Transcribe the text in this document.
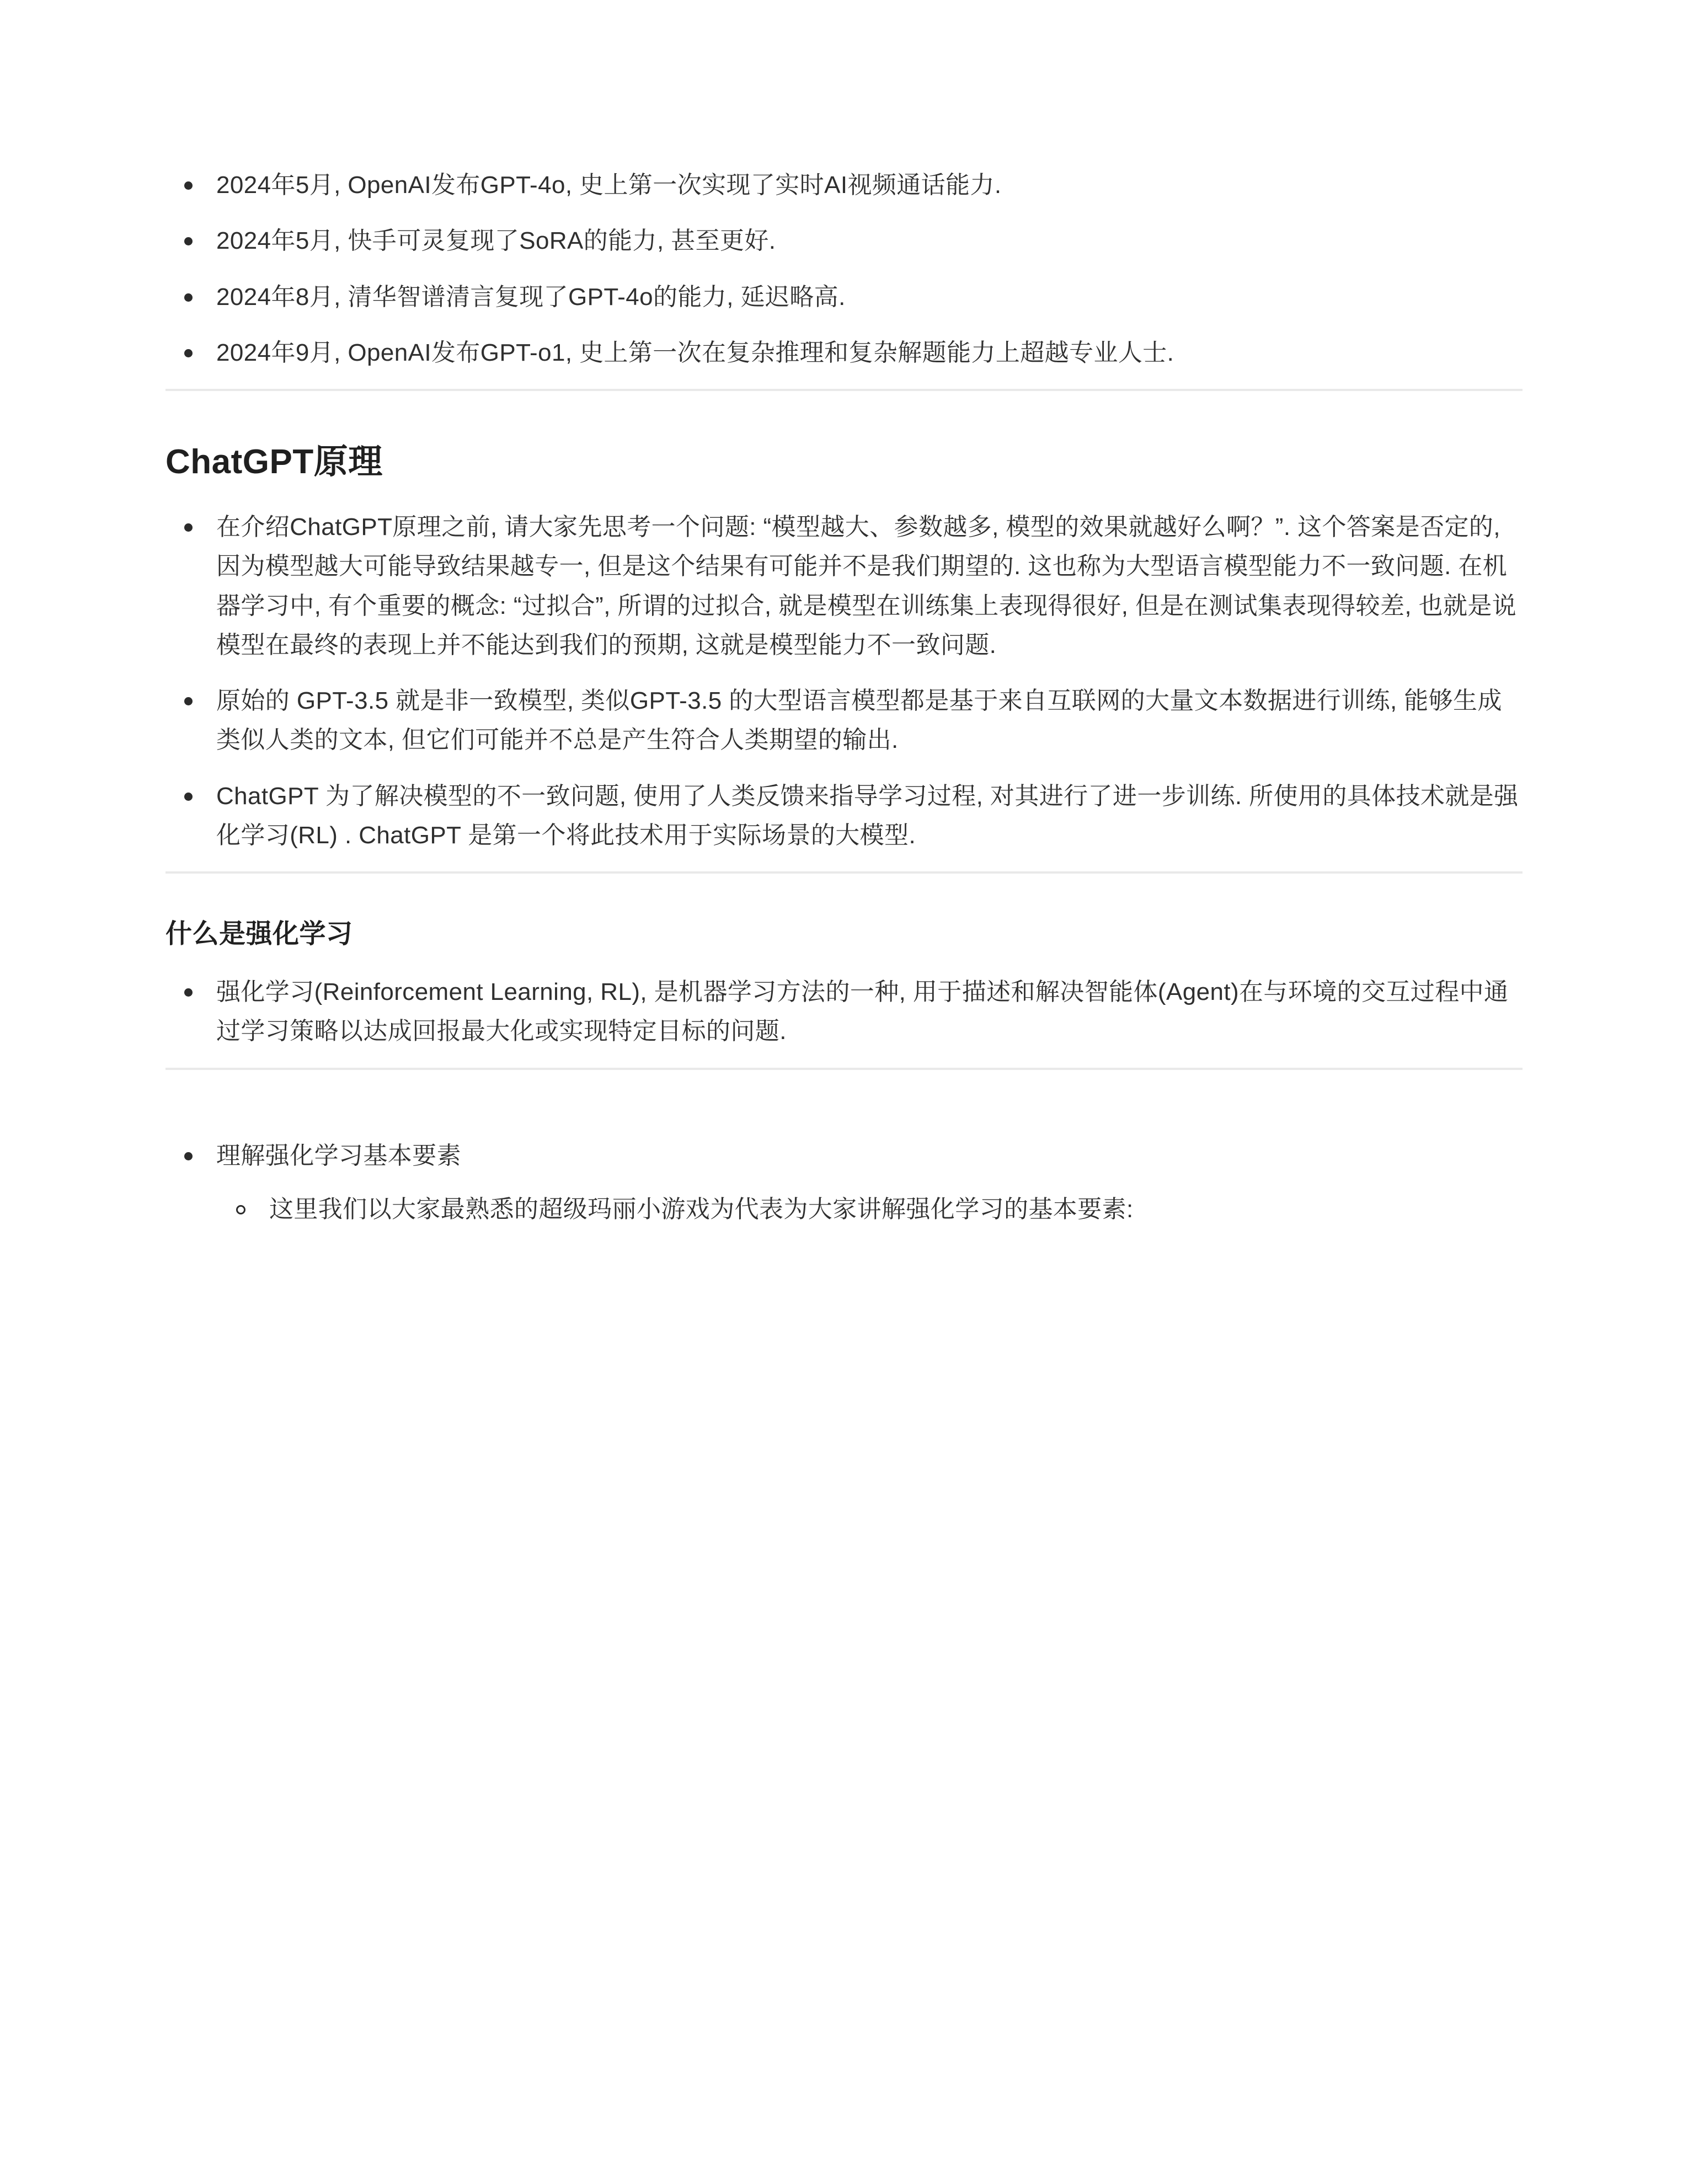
2024年5月, OpenAI发布GPT-4o, 史上第一次实现了实时AI视频通话能力.
2024年5月, 快手可灵复现了SoRA的能力, 甚至更好.
2024年8月, 清华智谱清言复现了GPT-4o的能力, 延迟略高.
2024年9月, OpenAI发布GPT-o1, 史上第一次在复杂推理和复杂解题能力上超越专业人士.
ChatGPT原理
在介绍ChatGPT原理之前, 请大家先思考一个问题: “模型越大、参数越多, 模型的效果就越好么啊？”. 这个答案是否定的, 因为模型越大可能导致结果越专一, 但是这个结果有可能并不是我们期望的. 这也称为大型语言模型能力不一致问题. 在机器学习中, 有个重要的概念: “过拟合”, 所谓的过拟合, 就是模型在训练集上表现得很好, 但是在测试集表现得较差, 也就是说模型在最终的表现上并不能达到我们的预期, 这就是模型能力不一致问题.
原始的 GPT-3.5 就是非一致模型, 类似GPT-3.5 的大型语言模型都是基于来自互联网的大量文本数据进行训练, 能够生成类似人类的文本, 但它们可能并不总是产生符合人类期望的输出.
ChatGPT 为了解决模型的不一致问题, 使用了人类反馈来指导学习过程, 对其进行了进一步训练. 所使用的具体技术就是强化学习(RL) . ChatGPT 是第一个将此技术用于实际场景的大模型.
什么是强化学习
强化学习(Reinforcement Learning, RL), 是机器学习方法的一种, 用于描述和解决智能体(Agent)在与环境的交互过程中通过学习策略以达成回报最大化或实现特定目标的问题.
理解强化学习基本要素
这里我们以大家最熟悉的超级玛丽小游戏为代表为大家讲解强化学习的基本要素:
